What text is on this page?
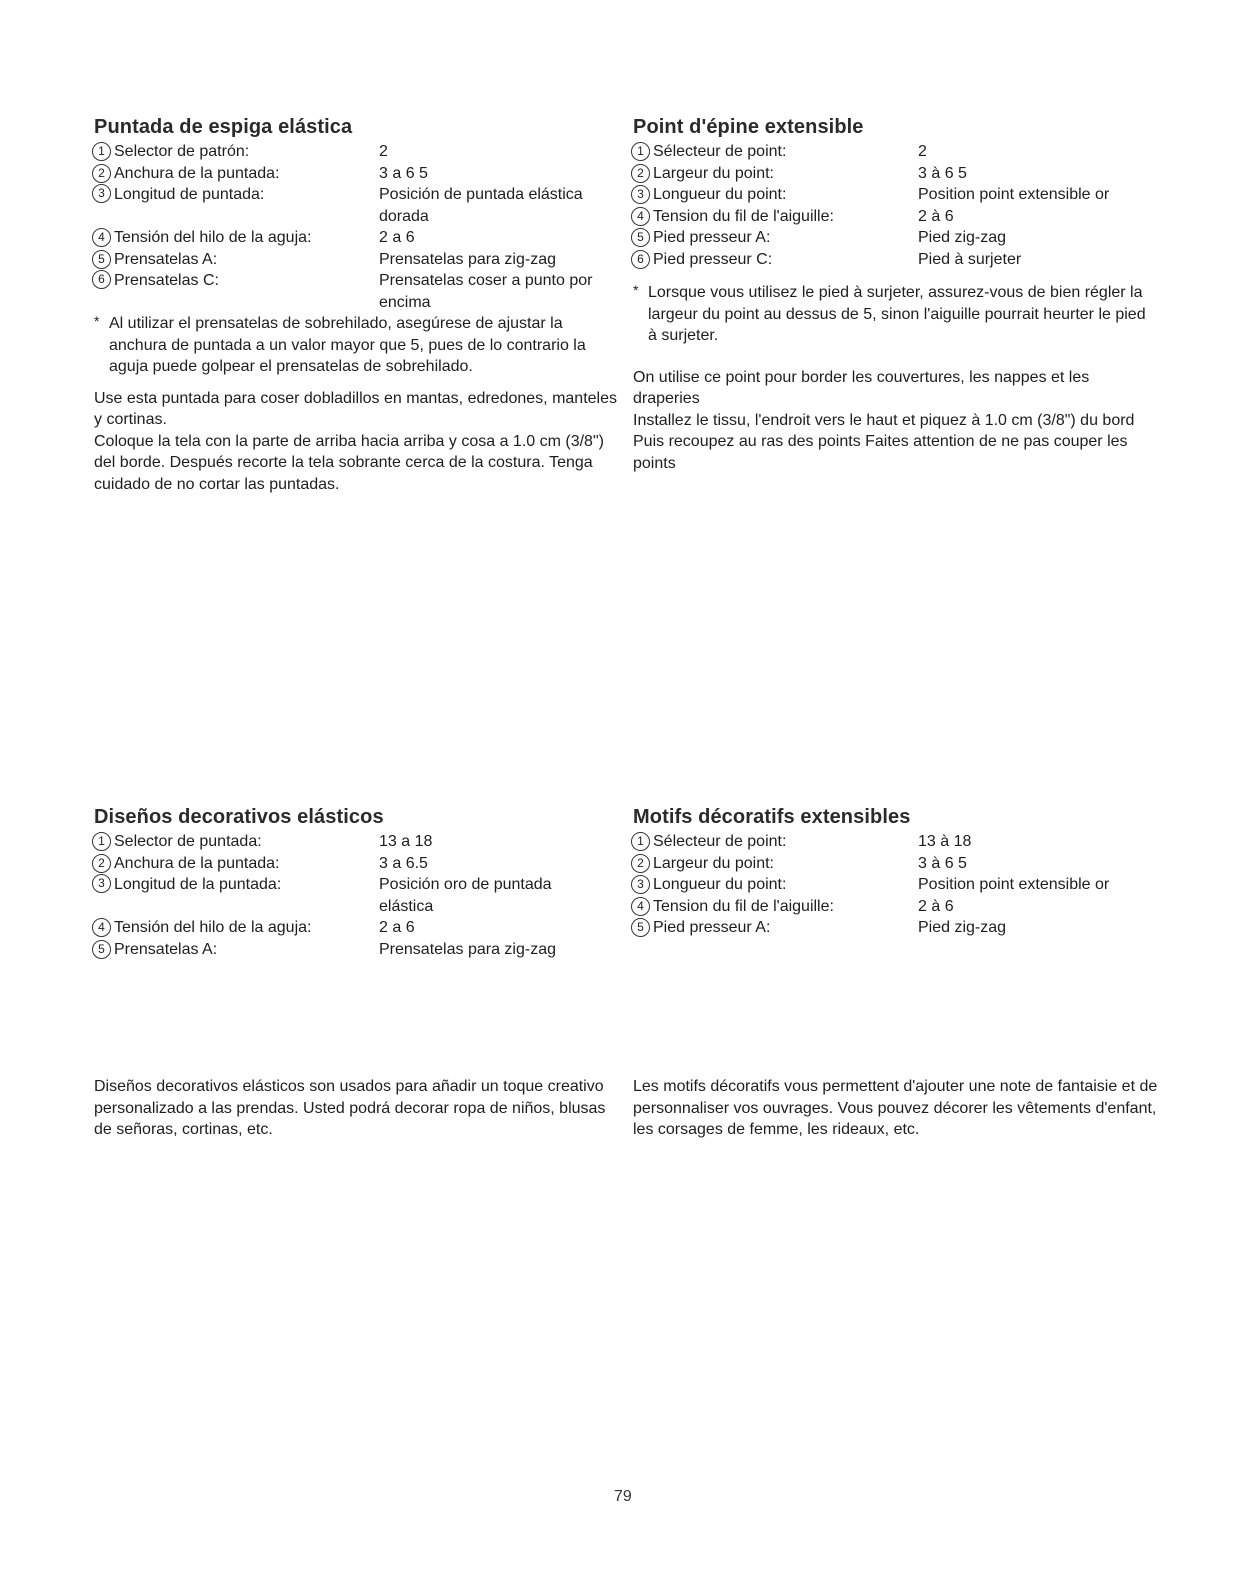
Puntada de espiga elástica
1 Selector de patrón:	2
2 Anchura de la puntada:	3 a 6 5
3 Longitud de puntada:	Posición de puntada elástica dorada
4 Tensión del hilo de la aguja:	2 a 6
5 Prensatelas A:	Prensatelas para zig-zag
6 Prensatelas C:	Prensatelas coser a punto por encima
* Al utilizar el prensatelas de sobrehilado, asegúrese de ajustar la anchura de puntada a un valor mayor que 5, pues de lo contrario la aguja puede golpear el prensatelas de sobrehilado.

Use esta puntada para coser dobladillos en mantas, edredones, manteles y cortinas.

Coloque la tela con la parte de arriba hacia arriba y cosa a 1.0 cm (3/8") del borde. Después recorte la tela sobrante cerca de la costura. Tenga cuidado de no cortar las puntadas.

Point d'épine extensible
1 Sélecteur de point:	2
2 Largeur du point:	3 à 6 5
3 Longueur du point:	Position point extensible or
4 Tension du fil de l'aiguille:	2 à 6
5 Pied presseur A:	Pied zig-zag
6 Pied presseur C:	Pied à surjeter
* Lorsque vous utilisez le pied à surjeter, assurez-vous de bien régler la largeur du point au dessus de 5, sinon l'aiguille pourrait heurter le pied à surjeter.

On utilise ce point pour border les couvertures, les nappes et les draperies

Installez le tissu, l'endroit vers le haut et piquez à 1.0 cm (3/8") du bord Puis recoupez au ras des points Faites attention de ne pas couper les points

Diseños decorativos elásticos
1 Selector de puntada:	13 a 18
2 Anchura de la puntada:	3 a 6.5
3 Longitud de la puntada:	Posición oro de puntada elástica
4 Tensión del hilo de la aguja:	2 a 6
5 Prensatelas A:	Prensatelas para zig-zag
Motifs décoratifs extensibles
1 Sélecteur de point:	13 à 18
2 Largeur du point:	3 à 6 5
3 Longueur du point:	Position point extensible or
4 Tension du fil de l'aiguille:	2 à 6
5 Pied presseur A:	Pied zig-zag

Diseños decorativos elásticos son usados para añadir un toque creativo personalizado a las prendas. Usted podrá decorar ropa de niños, blusas de señoras, cortinas, etc.

Les motifs décoratifs vous permettent d'ajouter une note de fantaisie et de personnaliser vos ouvrages. Vous pouvez décorer les vêtements d'enfant, les corsages de femme, les rideaux, etc.

79
